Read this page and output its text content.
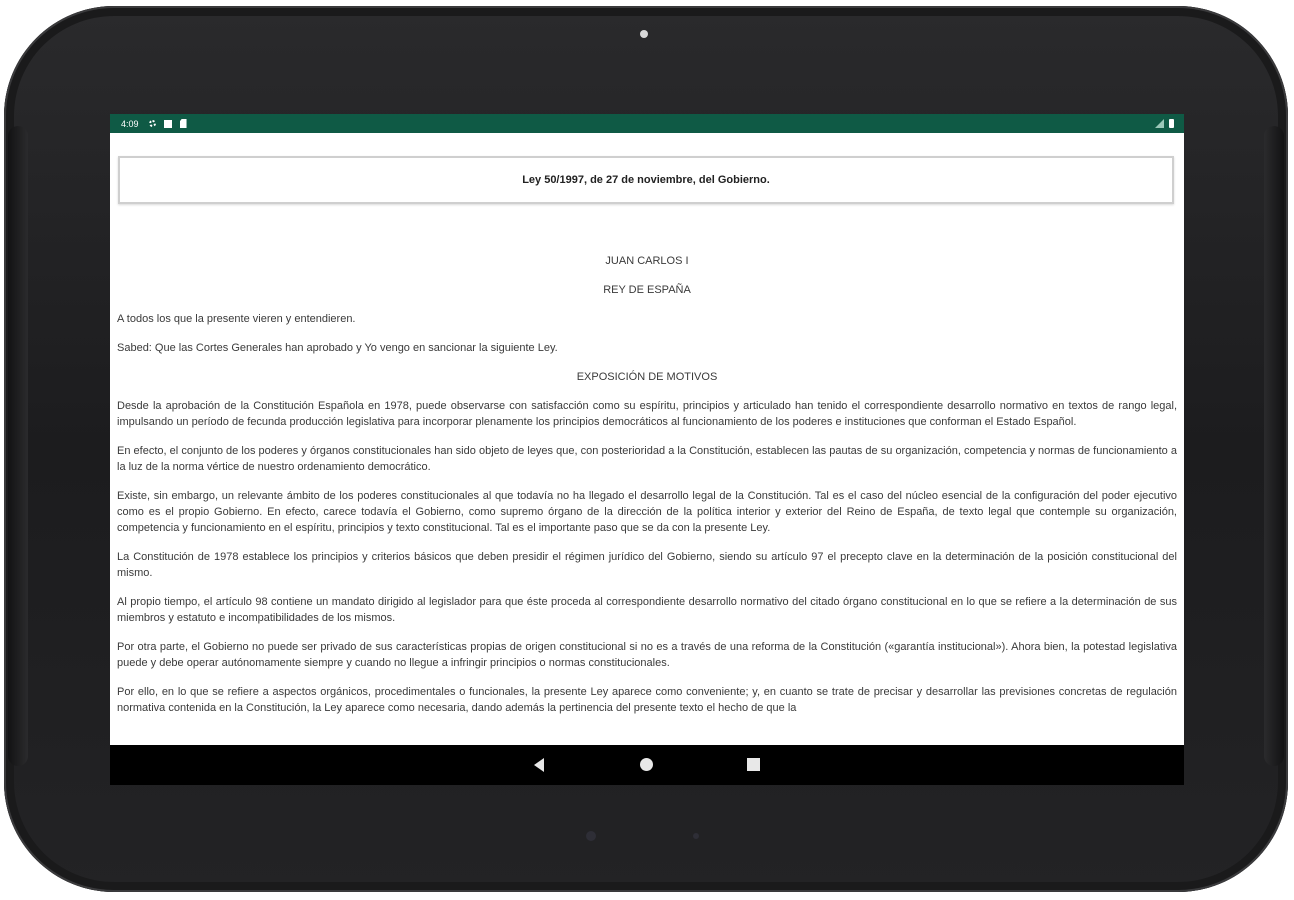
4:09
Ley 50/1997, de 27 de noviembre, del Gobierno.
JUAN CARLOS I
REY DE ESPAÑA

A todos los que la presente vieren y entendieren.

Sabed: Que las Cortes Generales han aprobado y Yo vengo en sancionar la siguiente Ley.

EXPOSICIÓN DE MOTIVOS

Desde la aprobación de la Constitución Española en 1978, puede observarse con satisfacción como su espíritu, principios y articulado han tenido el correspondiente desarrollo normativo en textos de rango legal, impulsando un período de fecunda producción legislativa para incorporar plenamente los principios democráticos al funcionamiento de los poderes e instituciones que conforman el Estado Español.

En efecto, el conjunto de los poderes y órganos constitucionales han sido objeto de leyes que, con posterioridad a la Constitución, establecen las pautas de su organización, competencia y normas de funcionamiento a la luz de la norma vértice de nuestro ordenamiento democrático.

Existe, sin embargo, un relevante ámbito de los poderes constitucionales al que todavía no ha llegado el desarrollo legal de la Constitución. Tal es el caso del núcleo esencial de la configuración del poder ejecutivo como es el propio Gobierno. En efecto, carece todavía el Gobierno, como supremo órgano de la dirección de la política interior y exterior del Reino de España, de texto legal que contemple su organización, competencia y funcionamiento en el espíritu, principios y texto constitucional. Tal es el importante paso que se da con la presente Ley.

La Constitución de 1978 establece los principios y criterios básicos que deben presidir el régimen jurídico del Gobierno, siendo su artículo 97 el precepto clave en la determinación de la posición constitucional del mismo.

Al propio tiempo, el artículo 98 contiene un mandato dirigido al legislador para que éste proceda al correspondiente desarrollo normativo del citado órgano constitucional en lo que se refiere a la determinación de sus miembros y estatuto e incompatibilidades de los mismos.

Por otra parte, el Gobierno no puede ser privado de sus características propias de origen constitucional si no es a través de una reforma de la Constitución («garantía institucional»). Ahora bien, la potestad legislativa puede y debe operar autónomamente siempre y cuando no llegue a infringir principios o normas constitucionales.

Por ello, en lo que se refiere a aspectos orgánicos, procedimentales o funcionales, la presente Ley aparece como conveniente; y, en cuanto se trate de precisar y desarrollar las previsiones concretas de regulación normativa contenida en la Constitución, la Ley aparece como necesaria, dando además la pertinencia del presente texto el hecho de que la
